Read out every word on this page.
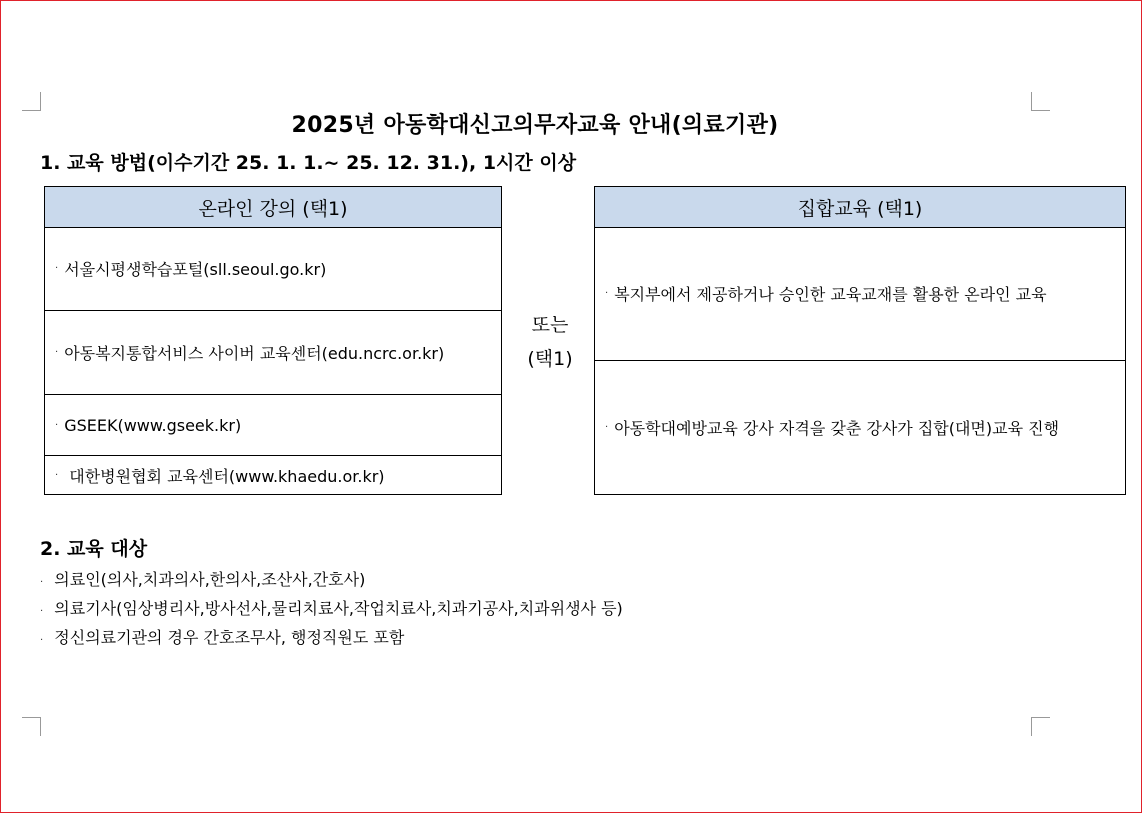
2025년 아동학대신고의무자교육 안내(의료기관)
1. 교육 방법(이수기간 25. 1. 1.~ 25. 12. 31.), 1시간 이상
온라인 강의 (택1)
· 서울시평생학습포털(sll.seoul.go.kr)
· 아동복지통합서비스 사이버 교육센터(edu.ncrc.or.kr)
· GSEEK(www.gseek.kr)
· 대한병원협회 교육센터(www.khaedu.or.kr)
또는
(택1)
집합교육 (택1)
· 복지부에서 제공하거나 승인한 교육교재를 활용한 온라인 교육
· 아동학대예방교육 강사 자격을 갖춘 강사가 집합(대면)교육 진행
2. 교육 대상
· 의료인(의사,치과의사,한의사,조산사,간호사)
· 의료기사(임상병리사,방사선사,물리치료사,작업치료사,치과기공사,치과위생사 등)
· 정신의료기관의 경우 간호조무사, 행정직원도 포함
